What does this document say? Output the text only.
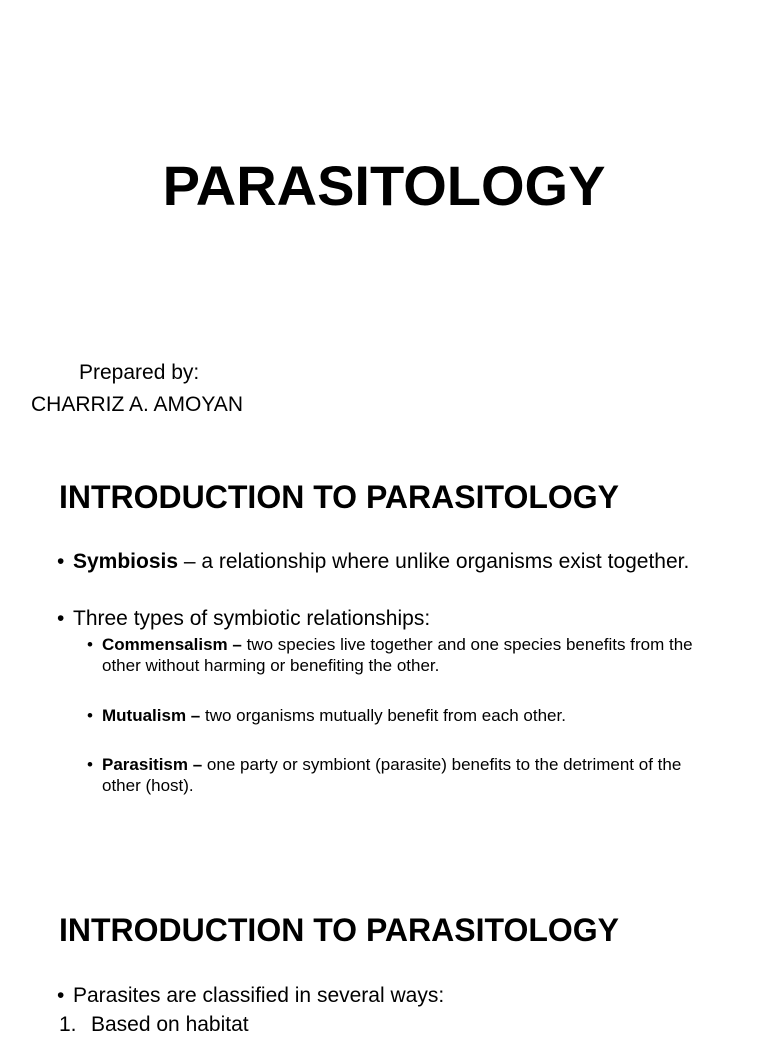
PARASITOLOGY

Prepared by:

CHARRIZ A. AMOYAN

INTRODUCTION TO PARASITOLOGY

• Symbiosis – a relationship where unlike organisms exist together.

• Three types of symbiotic relationships:

• Commensalism – two species live together and one species benefits from the other without harming or benefiting the other.

• Mutualism – two organisms mutually benefit from each other.

• Parasitism – one party or symbiont (parasite) benefits to the detriment of the other (host).

INTRODUCTION TO PARASITOLOGY

• Parasites are classified in several ways:

1. Based on habitat
